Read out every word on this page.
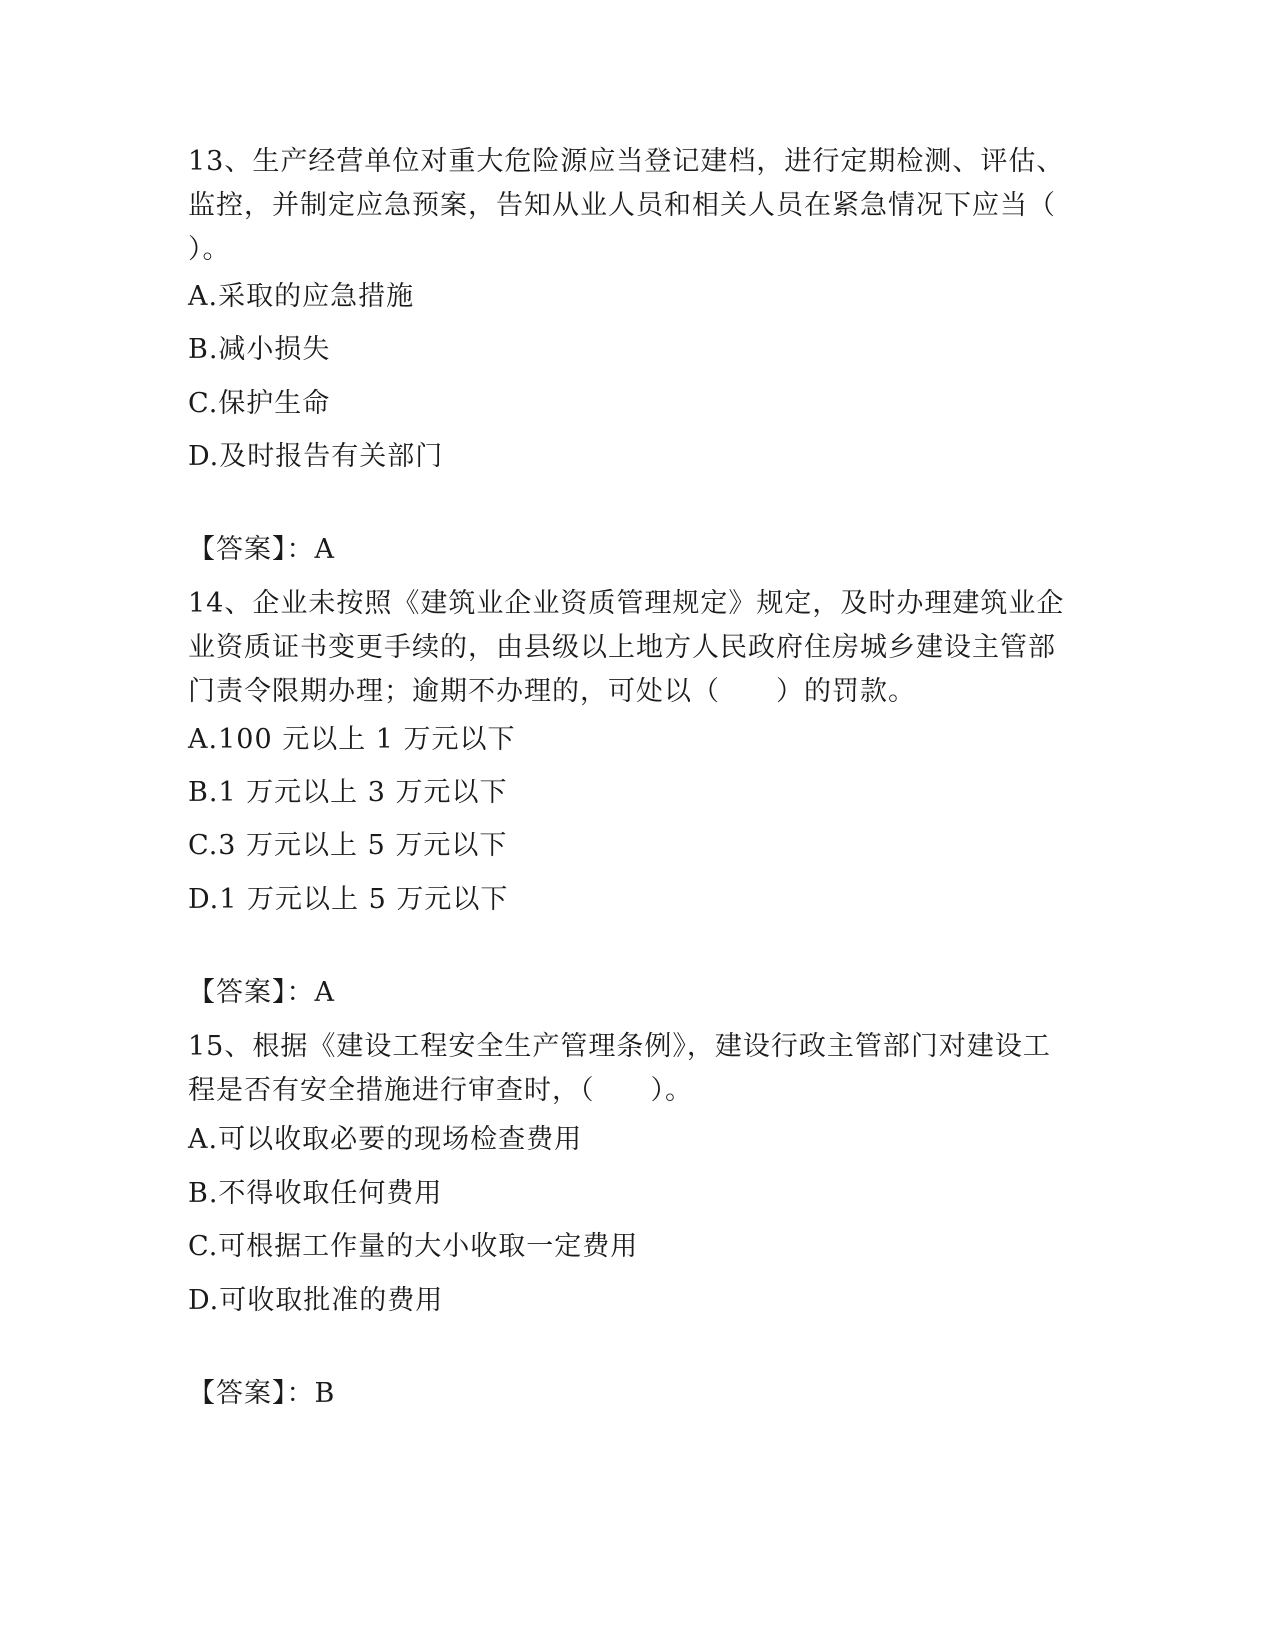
13、生产经营单位对重大危险源应当登记建档，进行定期检测、评估、监控，并制定应急预案，告知从业人员和相关人员在紧急情况下应当（ ）。
A.采取的应急措施
B.减小损失
C.保护生命
D.及时报告有关部门
【答案】：A
14、企业未按照《建筑业企业资质管理规定》规定，及时办理建筑业企业资质证书变更手续的，由县级以上地方人民政府住房城乡建设主管部门责令限期办理；逾期不办理的，可处以（　　）的罚款。
A.100 元以上 1 万元以下
B.1 万元以上 3 万元以下
C.3 万元以上 5 万元以下
D.1 万元以上 5 万元以下
【答案】：A
15、根据《建设工程安全生产管理条例》，建设行政主管部门对建设工程是否有安全措施进行审查时，（　　）。
A.可以收取必要的现场检查费用
B.不得收取任何费用
C.可根据工作量的大小收取一定费用
D.可收取批准的费用
【答案】：B
